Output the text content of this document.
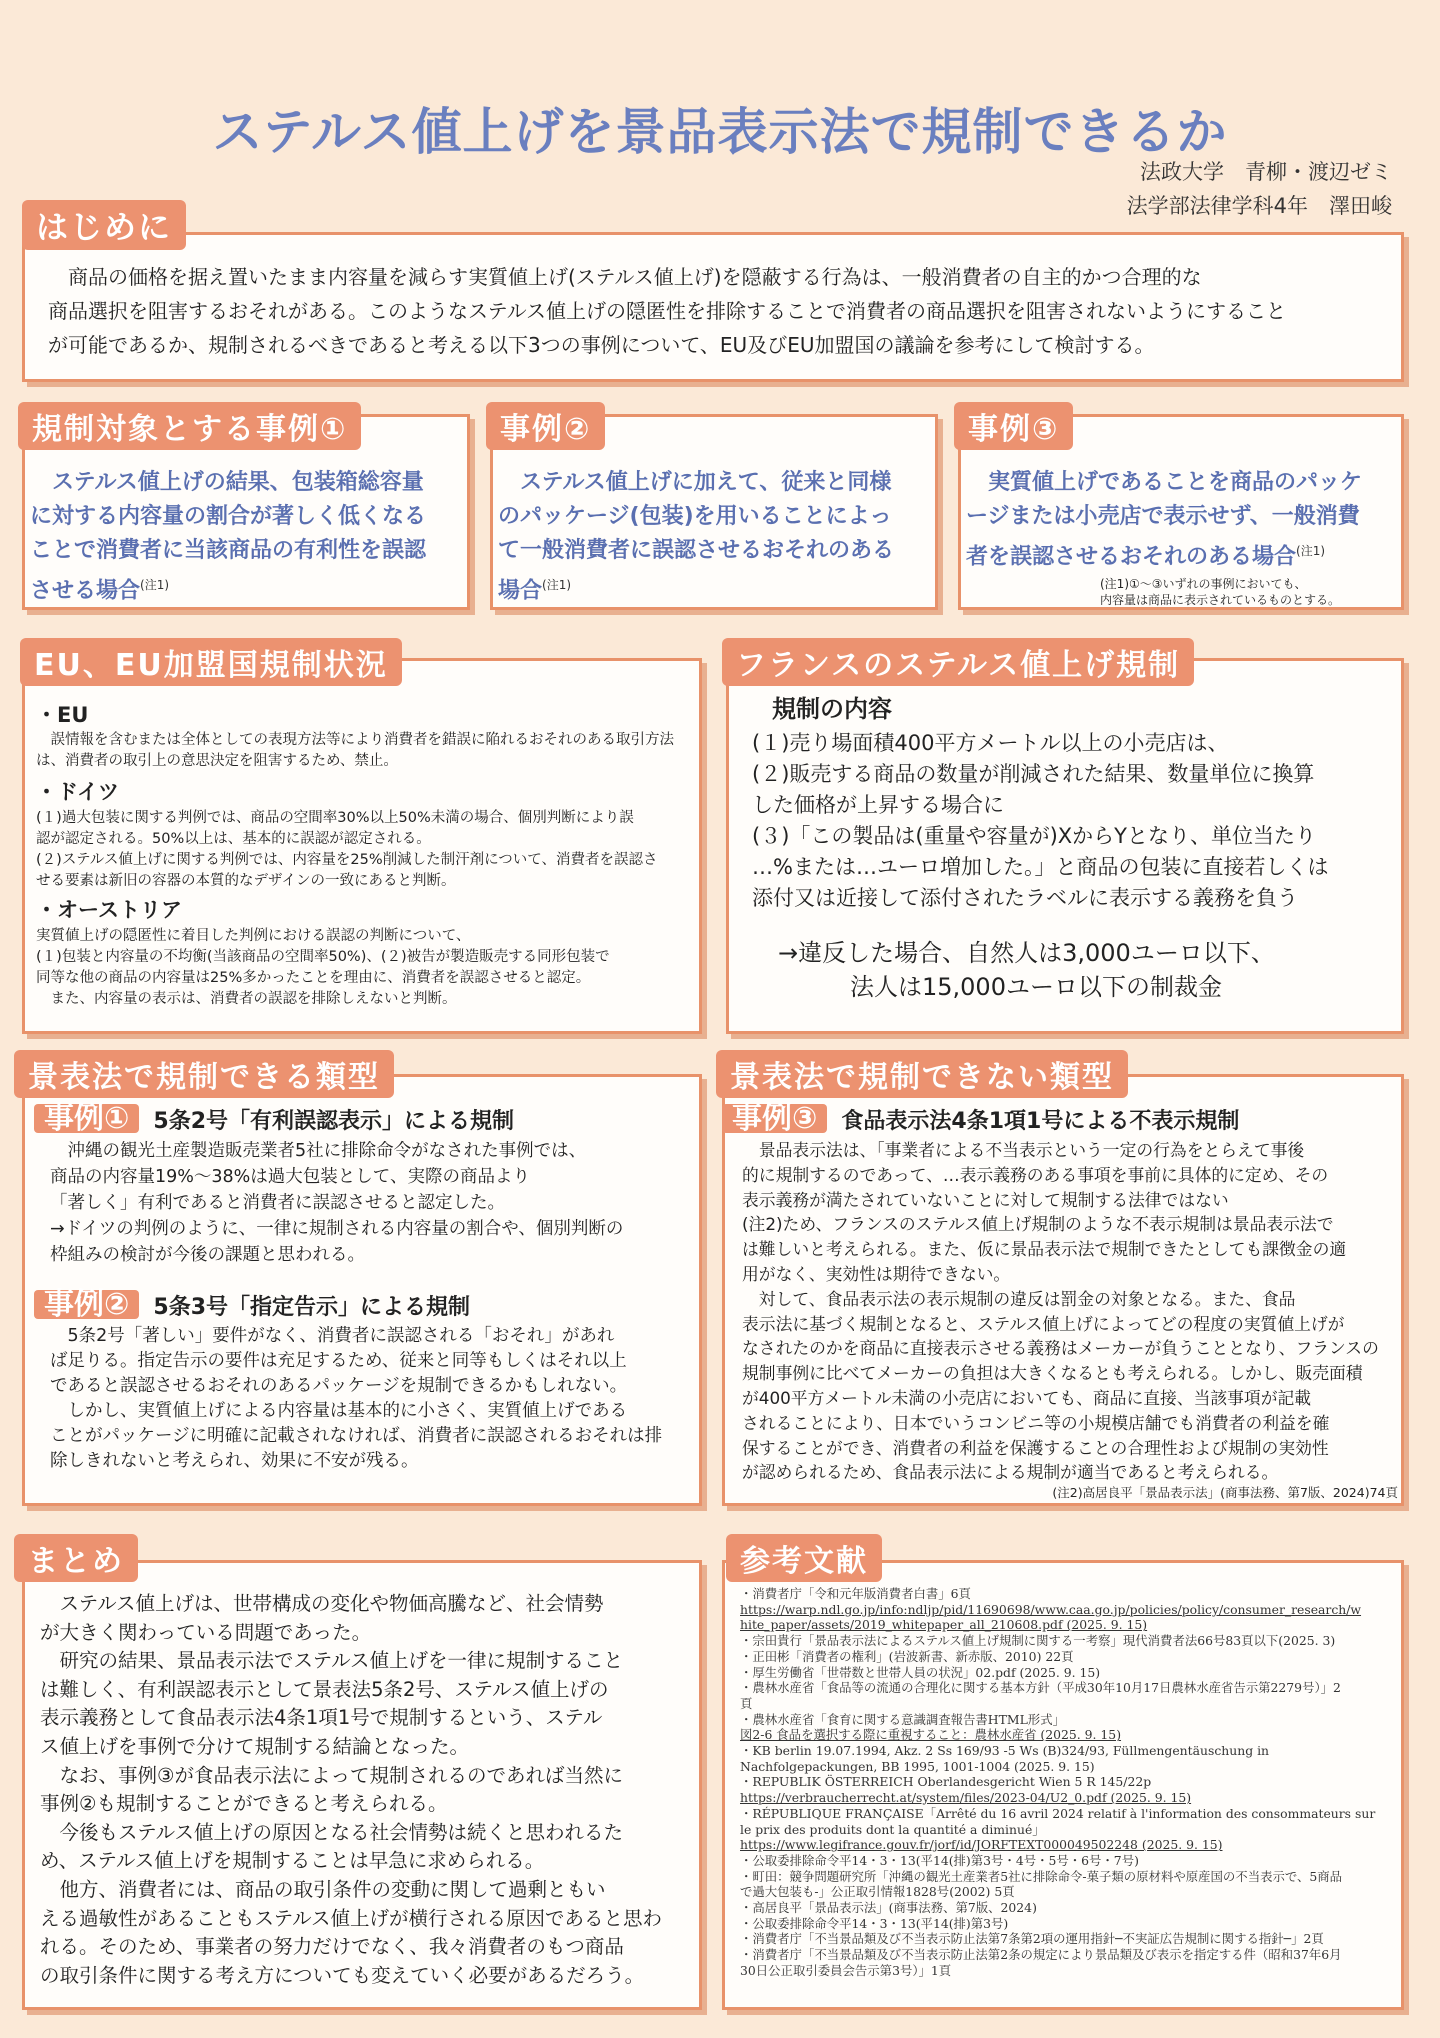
ステルス値上げを景品表示法で規制できるか
法政大学　青柳・渡辺ゼミ
法学部法律学科4年　澤田峻
はじめに
　商品の価格を据え置いたまま内容量を減らす実質値上げ(ステルス値上げ)を隠蔽する行為は、一般消費者の自主的かつ合理的な
商品選択を阻害するおそれがある。このようなステルス値上げの隠匿性を排除することで消費者の商品選択を阻害されないようにすること
が可能であるか、規制されるべきであると考える以下3つの事例について、EU及びEU加盟国の議論を参考にして検討する。
規制対象とする事例①
　ステルス値上げの結果、包装箱総容量
に対する内容量の割合が著しく低くなる
ことで消費者に当該商品の有利性を誤認
させる場合$^{(注1)}$
事例②
　ステルス値上げに加えて、従来と同様
のパッケージ(包装)を用いることによっ
て一般消費者に誤認させるおそれのある
場合$^{(注1)}$
事例③
　実質値上げであることを商品のパッケ
ージまたは小売店で表示せず、一般消費
者を誤認させるおそれのある場合$^{(注1)}$
(注1)①～③いずれの事例においても、
内容量は商品に表示されているものとする。
EU、EU加盟国規制状況
・EU
　誤情報を含むまたは全体としての表現方法等により消費者を錯誤に陥れるおそれのある取引方法
は、消費者の取引上の意思決定を阻害するため、禁止。
・ドイツ
(１)過大包装に関する判例では、商品の空間率30%以上50%未満の場合、個別判断により誤
認が認定される。50%以上は、基本的に誤認が認定される。
(２)ステルス値上げに関する判例では、内容量を25%削減した制汗剤について、消費者を誤認さ
せる要素は新旧の容器の本質的なデザインの一致にあると判断。
・オーストリア
実質値上げの隠匿性に着目した判例における誤認の判断について、
(１)包装と内容量の不均衡(当該商品の空間率50%)、(２)被告が製造販売する同形包装で
同等な他の商品の内容量は25%多かったことを理由に、消費者を誤認させると認定。
　また、内容量の表示は、消費者の誤認を排除しえないと判断。
フランスのステルス値上げ規制
規制の内容
(１)売り場面積400平方メートル以上の小売店は、
(２)販売する商品の数量が削減された結果、数量単位に換算
した価格が上昇する場合に
(３)「この製品は(重量や容量が)XからYとなり、単位当たり
…%または…ユーロ増加した。」と商品の包装に直接若しくは
添付又は近接して添付されたラベルに表示する義務を負う
→違反した場合、自然人は3,000ユーロ以下、
法人は15,000ユーロ以下の制裁金
景表法で規制できる類型
事例① 5条2号「有利誤認表示」による規制
　沖縄の観光土産製造販売業者5社に排除命令がなされた事例では、
商品の内容量19%～38%は過大包装として、実際の商品より
「著しく」有利であると消費者に誤認させると認定した。
→ドイツの判例のように、一律に規制される内容量の割合や、個別判断の
枠組みの検討が今後の課題と思われる。
事例② 5条3号「指定告示」による規制
　5条2号「著しい」要件がなく、消費者に誤認される「おそれ」があれ
ば足りる。指定告示の要件は充足するため、従来と同等もしくはそれ以上
であると誤認させるおそれのあるパッケージを規制できるかもしれない。
　しかし、実質値上げによる内容量は基本的に小さく、実質値上げである
ことがパッケージに明確に記載されなければ、消費者に誤認されるおそれは排
除しきれないと考えられ、効果に不安が残る。
景表法で規制できない類型
事例③ 食品表示法4条1項1号による不表示規制
　景品表示法は、「事業者による不当表示という一定の行為をとらえて事後
的に規制するのであって、…表示義務のある事項を事前に具体的に定め、その
表示義務が満たされていないことに対して規制する法律ではない
(注2)ため、フランスのステルス値上げ規制のような不表示規制は景品表示法で
は難しいと考えられる。また、仮に景品表示法で規制できたとしても課徴金の適
用がなく、実効性は期待できない。
　対して、食品表示法の表示規制の違反は罰金の対象となる。また、食品
表示法に基づく規制となると、ステルス値上げによってどの程度の実質値上げが
なされたのかを商品に直接表示させる義務はメーカーが負うこととなり、フランスの
規制事例に比べてメーカーの負担は大きくなるとも考えられる。しかし、販売面積
が400平方メートル未満の小売店においても、商品に直接、当該事項が記載
されることにより、日本でいうコンビニ等の小規模店舗でも消費者の利益を確
保することができ、消費者の利益を保護することの合理性および規制の実効性
が認められるため、食品表示法による規制が適当であると考えられる。
(注2)高居良平「景品表示法」(商事法務、第7版、2024)74頁
まとめ
　ステルス値上げは、世帯構成の変化や物価高騰など、社会情勢
が大きく関わっている問題であった。
　研究の結果、景品表示法でステルス値上げを一律に規制すること
は難しく、有利誤認表示として景表法5条2号、ステルス値上げの
表示義務として食品表示法4条1項1号で規制するという、ステル
ス値上げを事例で分けて規制する結論となった。
　なお、事例③が食品表示法によって規制されるのであれば当然に
事例②も規制することができると考えられる。
　今後もステルス値上げの原因となる社会情勢は続くと思われるた
め、ステルス値上げを規制することは早急に求められる。
　他方、消費者には、商品の取引条件の変動に関して過剰ともい
える過敏性があることもステルス値上げが横行される原因であると思わ
れる。そのため、事業者の努力だけでなく、我々消費者のもつ商品
の取引条件に関する考え方についても変えていく必要があるだろう。
参考文献
・消費者庁「令和元年版消費者白書」6頁
https://warp.ndl.go.jp/info:ndljp/pid/11690698/www.caa.go.jp/policies/policy/consumer_research/w
hite_paper/assets/2019_whitepaper_all_210608.pdf (2025. 9. 15)
・宗田貴行「景品表示法によるステルス値上げ規制に関する一考察」現代消費者法66号83頁以下(2025. 3)
・正田彬「消費者の権利」(岩波新書、新赤版、2010) 22頁
・厚生労働省「世帯数と世帯人員の状況」02.pdf (2025. 9. 15)
・農林水産省「食品等の流通の合理化に関する基本方針（平成30年10月17日農林水産省告示第2279号）」2
頁
・農林水産省「食育に関する意識調査報告書HTML形式」
図2-6 食品を選択する際に重視すること：農林水産省 (2025. 9. 15)
・KB berlin 19.07.1994, Akz. 2 Ss 169/93 -5 Ws (B)324/93, Füllmengentäuschung in
Nachfolgepackungen, BB 1995, 1001-1004 (2025. 9. 15)
・REPUBLIK ÖSTERREICH Oberlandesgericht Wien 5 R 145/22p
https://verbraucherrecht.at/system/files/2023-04/U2_0.pdf (2025. 9. 15)
・RÉPUBLIQUE FRANÇAISE「Arrêté du 16 avril 2024 relatif à l'information des consommateurs sur
le prix des produits dont la quantité a diminué」
https://www.legifrance.gouv.fr/jorf/id/JORFTEXT000049502248 (2025. 9. 15)
・公取委排除命令平14・3・13(平14(排)第3号・4号・5号・6号・7号)
・町田：競争問題研究所「沖縄の観光土産業者5社に排除命令-菓子類の原材料や原産国の不当表示で、5商品
で過大包装も-」公正取引情報1828号(2002) 5頁
・高居良平「景品表示法」(商事法務、第7版、2024)
・公取委排除命令平14・3・13(平14(排)第3号)
・消費者庁「不当景品類及び不当表示防止法第7条第2項の運用指針─不実証広告規制に関する指針─」2頁
・消費者庁「不当景品類及び不当表示防止法第2条の規定により景品類及び表示を指定する件（昭和37年6月
30日公正取引委員会告示第3号）」1頁
